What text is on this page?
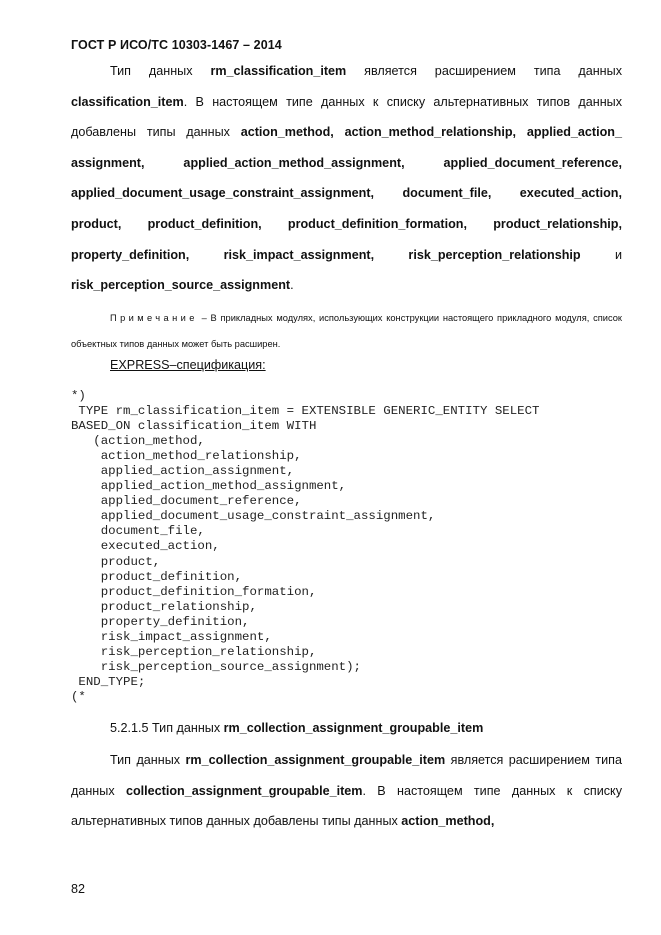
ГОСТ Р ИСО/ТС 10303-1467 – 2014
Тип данных rm_classification_item является расширением типа данных classification_item. В настоящем типе данных к списку альтернативных типов данных добавлены типы данных action_method, action_method_relationship, applied_action_ assignment, applied_action_method_assignment, applied_document_reference, applied_document_usage_constraint_assignment, document_file, executed_action, product, product_definition, product_definition_formation, product_relationship, property_definition, risk_impact_assignment, risk_perception_relationship и risk_perception_source_assignment.
Примечание – В прикладных модулях, использующих конструкции настоящего прикладного модуля, список объектных типов данных может быть расширен.
EXPRESS–спецификация:
*)
TYPE rm_classification_item = EXTENSIBLE GENERIC_ENTITY SELECT
BASED_ON classification_item WITH
(action_method,
action_method_relationship,
applied_action_assignment,
applied_action_method_assignment,
applied_document_reference,
applied_document_usage_constraint_assignment,
document_file,
executed_action,
product,
product_definition,
product_definition_formation,
product_relationship,
property_definition,
risk_impact_assignment,
risk_perception_relationship,
risk_perception_source_assignment);
END_TYPE;
(*
5.2.1.5 Тип данных rm_collection_assignment_groupable_item
Тип данных rm_collection_assignment_groupable_item является расширением типа данных collection_assignment_groupable_item. В настоящем типе данных к списку альтернативных типов данных добавлены типы данных action_method,
82
